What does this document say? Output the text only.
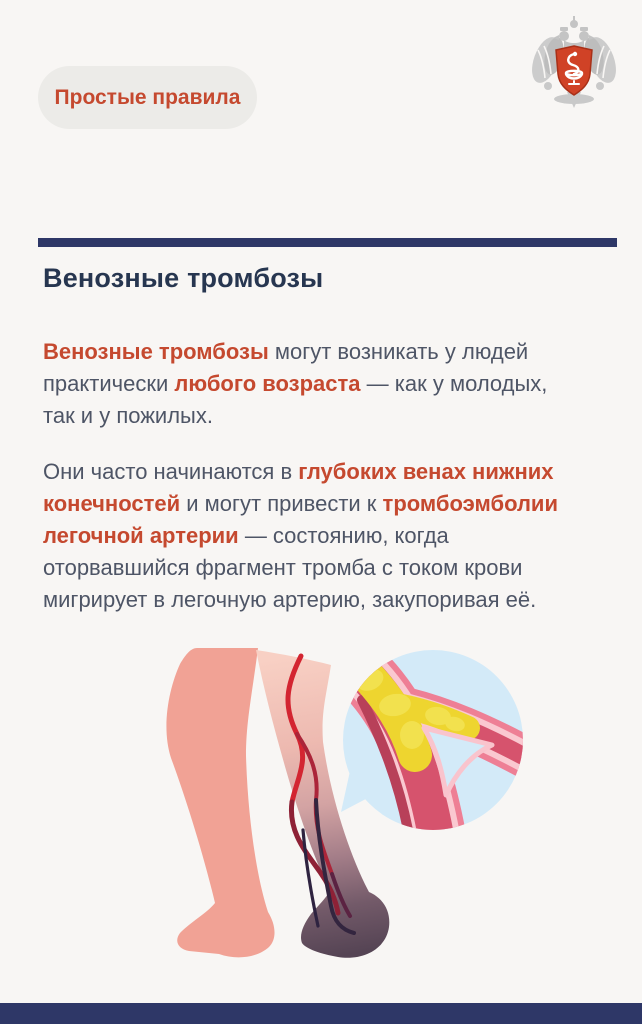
Простые правила
Венозные тромбозы
Венозные тромбозы могут возникать у людей
практически любого возраста — как у молодых,
так и у пожилых.
Они часто начинаются в глубоких венах нижних
конечностей и могут привести к тромбоэмболии
легочной артерии — состоянию, когда
оторвавшийся фрагмент тромба с током крови
мигрирует в легочную артерию, закупоривая её.
